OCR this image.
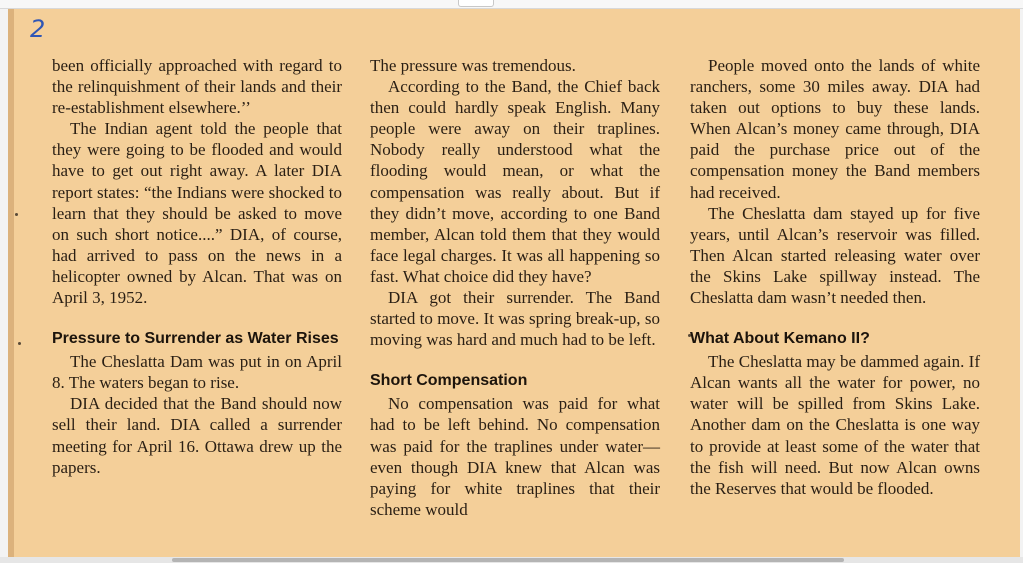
2

been officially approached with regard to the relinquishment of their lands and their re-establishment elsewhere.’’

The Indian agent told the people that they were going to be flooded and would have to get out right away. A later DIA report states: “the Indians were shocked to learn that they should be asked to move on such short notice....” DIA, of course, had arrived to pass on the news in a helicopter owned by Alcan. That was on April 3, 1952.

Pressure to Surrender as Water Rises

The Cheslatta Dam was put in on April 8. The waters began to rise.

DIA decided that the Band should now sell their land. DIA called a surrender meeting for April 16. Ottawa drew up the papers.

The pressure was tremendous.

According to the Band, the Chief back then could hardly speak English. Many people were away on their traplines. Nobody really understood what the flooding would mean, or what the compensation was really about. But if they didn’t move, according to one Band member, Alcan told them that they would face legal charges. It was all happening so fast. What choice did they have?

DIA got their surrender. The Band started to move. It was spring break-up, so moving was hard and much had to be left.

Short Compensation

No compensation was paid for what had to be left behind. No compensation was paid for the traplines under water—even though DIA knew that Alcan was paying for white traplines that their scheme would

People moved onto the lands of white ranchers, some 30 miles away. DIA had taken out options to buy these lands. When Alcan’s money came through, DIA paid the purchase price out of the compensation money the Band members had received.

The Cheslatta dam stayed up for five years, until Alcan’s reservoir was filled. Then Alcan started releasing water over the Skins Lake spillway instead. The Cheslatta dam wasn’t needed then.

What About Kemano II?

The Cheslatta may be dammed again. If Alcan wants all the water for power, no water will be spilled from Skins Lake. Another dam on the Cheslatta is one way to provide at least some of the water that the fish will need. But now Alcan owns the Reserves that would be flooded.
